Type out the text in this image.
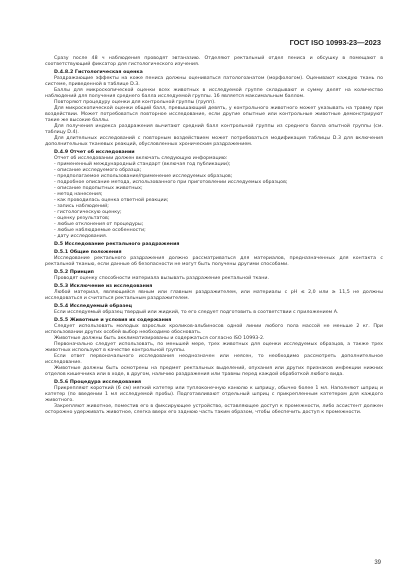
ГОСТ ISO 10993-23—2023
Сразу после 48 ч наблюдения проводят эвтаназию. Отделяют ректальный отдел пениса и обсушку в помещают в соответствующий фиксатор для гистологического изучения.
D.4.8.2 Гистологическая оценка
Раздражающие эффекты на коже пениса должны оцениваться патологоанатом (морфологом). Оценивают каждую ткань по системе, приведенной в таблице D.3.
Баллы для микроскопической оценки всех животных в исследуемой группе складывают и сумму делят на количество наблюдений для получения среднего балла исследуемой группы. 16 является максимальным баллом.
Повторяют процедуру оценки для контрольной группы (групп).
Для микроскопической оценки общий балл, превышающий девять, у контрольного животного может указывать на травму при воздействии. Может потребоваться повторное исследование, если другие опытные или контрольные животные демонстрируют такие же высокие баллы.
Для получения индекса раздражения вычитают средний балл контрольной группы из среднего балла опытной группы (см. таблицу D.4).
Для длительных исследований с повторным воздействием может потребоваться модификация таблицы D.3 для включения дополнительных тканевых реакций, обусловленных хроническим раздражением.
D.4.9 Отчет об исследовании
Отчет об исследовании должен включать следующую информацию:
- примененный международный стандарт (включая год публикации);
- описание исследуемого образца;
- предполагаемое использование/применение исследуемых образцов;
- подробное описание метода, использованного при приготовлении исследуемых образцов;
- описание подопытных животных;
- метод нанесения;
- как проводилась оценка ответной реакции;
- запись наблюдений;
- гистологическую оценку;
- оценку результатов;
- любые отклонения от процедуры;
- любые наблюдаемые особенности;
- дату исследования.
D.5 Исследование ректального раздражения
D.5.1 Общие положения
Исследование ректального раздражения должно рассматриваться для материалов, предназначенных для контакта с ректальной тканью, если данные об безопасности не могут быть получены другими способами.
D.5.2 Принцип
Проводят оценку способности материала вызывать раздражение ректальной ткани.
D.5.3 Исключение из исследования
Любой материал, являющийся явным или главным раздражителем, или материалы с pH ≤ 2,0 или ≥ 11,5 не должны исследоваться и считаться ректальным раздражителем.
D.5.4 Исследуемый образец
Если исследуемый образец твердый или жидкий, то его следует подготовить в соответствии с приложением A.
D.5.5 Животные и условия их содержания
Следует использовать молодых взрослых кроликов-альбиносов одной линии любого пола массой не меньше 2 кг. При использовании других особей выбор необходимо обосновать.
Животные должны быть акклиматизированы и содержаться согласно ISO 10993-2.
Первоначально следует использовать, по меньшей мере, трех животных для оценки исследуемых образцов, а также трех животных используют в качестве контрольной группы.
Если ответ первоначального исследования неоднозначен или неясен, то необходимо рассмотреть дополнительное исследование.
Животные должны быть осмотрены на предмет ректальных выделений, опухания или других признаков инфекции нижних отделов кишечника или в ходе, в другом, наличию раздражения или травмы перед каждой обработкой любого вида.
D.5.6 Процедура исследования
Прикрепляют короткий (6 см) мягкий катетер или туплоконечную канюлю к шприцу, обычно более 1 мл. Наполняют шприц и катетер (по введении 1 мл исследуемой пробы). Подготавливают отдельный шприц с прикрепленным катетером для каждого животного.
Закрепляют животное, поместив его в фиксирующее устройство, оставляющее доступ к промежности, либо ассистент должен осторожно удерживать животное, слегка вверх его заднюю часть таким образом, чтобы обеспечить доступ к промежности.
39
